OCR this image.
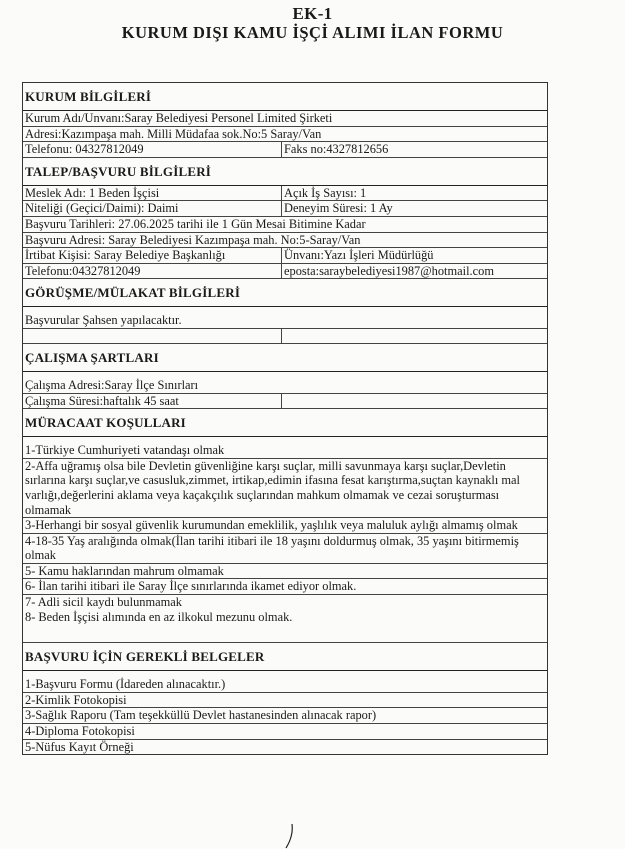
EK-1
KURUM DIŞI KAMU İŞÇİ ALIMI İLAN FORMU
KURUM BİLGİLERİ
Kurum Adı/Unvanı:Saray Belediyesi Personel Limited Şirketi
Adresi:Kazımpaşa mah. Milli Müdafaa sok.No:5 Saray/Van
Telefonu: 04327812049	Faks no:4327812656
TALEP/BAŞVURU BİLGİLERİ
Meslek Adı: 1 Beden İşçisi	Açık İş Sayısı: 1
Niteliği (Geçici/Daimi): Daimi	Deneyim Süresi: 1 Ay
Başvuru Tarihleri: 27.06.2025 tarihi ile 1 Gün Mesai Bitimine Kadar
Başvuru Adresi: Saray Belediyesi Kazımpaşa mah. No:5-Saray/Van
İrtibat Kişisi: Saray Belediye Başkanlığı	Ünvanı:Yazı İşleri Müdürlüğü
Telefonu:04327812049	eposta:saraybelediyesi1987@hotmail.com
GÖRÜŞME/MÜLAKAT BİLGİLERİ
Başvurular Şahsen yapılacaktır.
ÇALIŞMA ŞARTLARI
Çalışma Adresi:Saray İlçe Sınırları
Çalışma Süresi:haftalık 45 saat
MÜRACAAT KOŞULLARI
1-Türkiye Cumhuriyeti vatandaşı olmak
2-Affa uğramış olsa bile Devletin güvenliğine karşı suçlar, milli savunmaya karşı suçlar,Devletin sırlarına karşı suçlar,ve casusluk,zimmet, irtikap,edimin ifasına fesat karıştırma,suçtan kaynaklı mal varlığı,değerlerini aklama veya kaçakçılık suçlarından mahkum olmamak ve cezai soruşturması olmamak
3-Herhangi bir sosyal güvenlik kurumundan emeklilik, yaşlılık veya maluluk aylığı almamış olmak
4-18-35 Yaş aralığında olmak(İlan tarihi itibari ile 18 yaşını doldurmuş olmak, 35 yaşını bitirmemiş olmak
5- Kamu haklarından mahrum olmamak
6- İlan tarihi itibari ile Saray İlçe sınırlarında ikamet ediyor olmak.
7- Adli sicil kaydı bulunmamak
8- Beden İşçisi alımında en az ilkokul mezunu olmak.
BAŞVURU İÇİN GEREKLİ BELGELER
1-Başvuru Formu (İdareden alınacaktır.)
2-Kimlik Fotokopisi
3-Sağlık Raporu (Tam teşekküllü Devlet hastanesinden alınacak rapor)
4-Diploma Fotokopisi
5-Nüfus Kayıt Örneği
